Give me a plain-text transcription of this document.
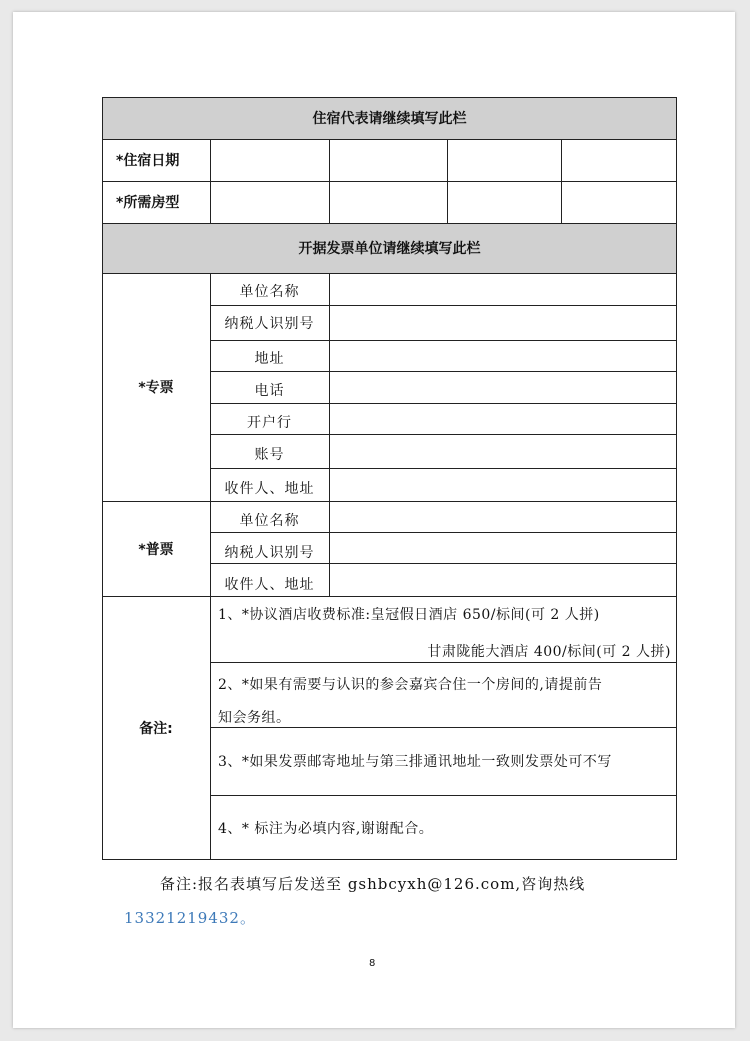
住宿代表请继续填写此栏
*住宿日期
*所需房型
开据发票单位请继续填写此栏
*专票
单位名称
纳税人识别号
地址
电话
开户行
账号
收件人、地址
*普票
单位名称
纳税人识别号
收件人、地址
备注:
1、*协议酒店收费标准:皇冠假日酒店 650/标间(可 2 人拼)
甘肃陇能大酒店 400/标间(可 2 人拼)
2、*如果有需要与认识的参会嘉宾合住一个房间的,请提前告
知会务组。
3、*如果发票邮寄地址与第三排通讯地址一致则发票处可不写
4、* 标注为必填内容,谢谢配合。
备注:报名表填写后发送至 gshbcyxh@126.com,咨询热线
13321219432。
8
